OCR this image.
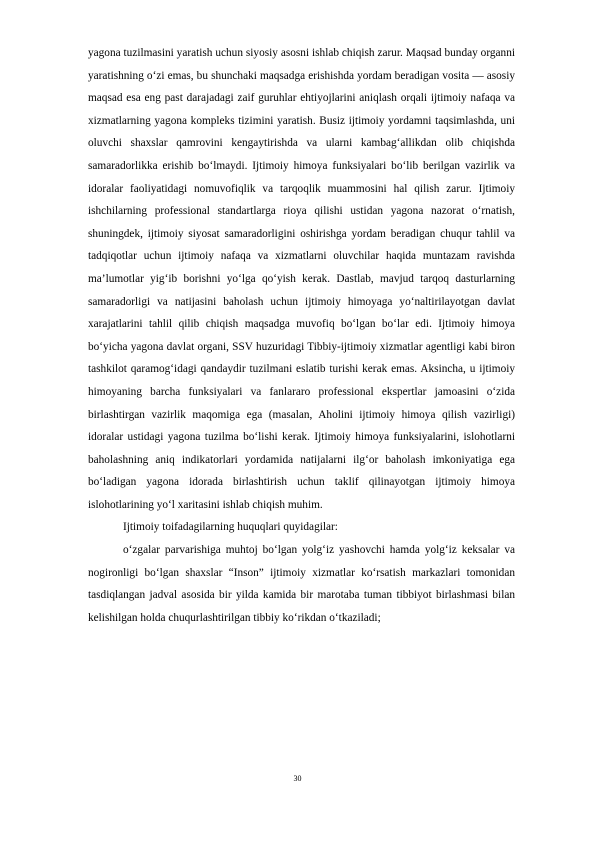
yagona tuzilmasini yaratish uchun siyosiy asosni ishlab chiqish zarur. Maqsad bunday organni yaratishning o‘zi emas, bu shunchaki maqsadga erishishda yordam beradigan vosita — asosiy maqsad esa eng past darajadagi zaif guruhlar ehtiyojlarini aniqlash orqali ijtimoiy nafaqa va xizmatlarning yagona kompleks tizimini yaratish. Busiz ijtimoiy yordamni taqsimlashda, uni oluvchi shaxslar qamrovini kengaytirishda va ularni kambag‘allikdan olib chiqishda samaradorlikka erishib bo‘lmaydi. Ijtimoiy himoya funksiyalari bo‘lib berilgan vazirlik va idoralar faoliyatidagi nomuvofiqlik va tarqoqlik muammosini hal qilish zarur. Ijtimoiy ishchilarning professional standartlarga rioya qilishi ustidan yagona nazorat o‘rnatish, shuningdek, ijtimoiy siyosat samaradorligini oshirishga yordam beradigan chuqur tahlil va tadqiqotlar uchun ijtimoiy nafaqa va xizmatlarni oluvchilar haqida muntazam ravishda ma’lumotlar yig‘ib borishni yo‘lga qo‘yish kerak. Dastlab, mavjud tarqoq dasturlarning samaradorligi va natijasini baholash uchun ijtimoiy himoyaga yo‘naltirilayotgan davlat xarajatlarini tahlil qilib chiqish maqsadga muvofiq bo‘lgan bo‘lar edi. Ijtimoiy himoya bo‘yicha yagona davlat organi, SSV huzuridagi Tibbiy-ijtimoiy xizmatlar agentligi kabi biron tashkilot qaramog‘idagi qandaydir tuzilmani eslatib turishi kerak emas. Aksincha, u ijtimoiy himoyaning barcha funksiyalari va fanlararo professional ekspertlar jamoasini o‘zida birlashtirgan vazirlik maqomiga ega (masalan, Aholini ijtimoiy himoya qilish vazirligi) idoralar ustidagi yagona tuzilma bo‘lishi kerak. Ijtimoiy himoya funksiyalarini, islohotlarni baholashning aniq indikatorlari yordamida natijalarni ilg‘or baholash imkoniyatiga ega bo‘ladigan yagona idorada birlashtirish uchun taklif qilinayotgan ijtimoiy himoya islohotlarining yo‘l xaritasini ishlab chiqish muhim.

Ijtimoiy toifadagilarning huquqlari quyidagilar:

o‘zgalar parvarishiga muhtoj bo‘lgan yolg‘iz yashovchi hamda yolg‘iz keksalar va nogironligi bo‘lgan shaxslar “Inson” ijtimoiy xizmatlar ko‘rsatish markazlari tomonidan tasdiqlangan jadval asosida bir yilda kamida bir marotaba tuman tibbiyot birlashmasi bilan kelishilgan holda chuqurlashtirilgan tibbiy ko‘rikdan o‘tkaziladi;

30
